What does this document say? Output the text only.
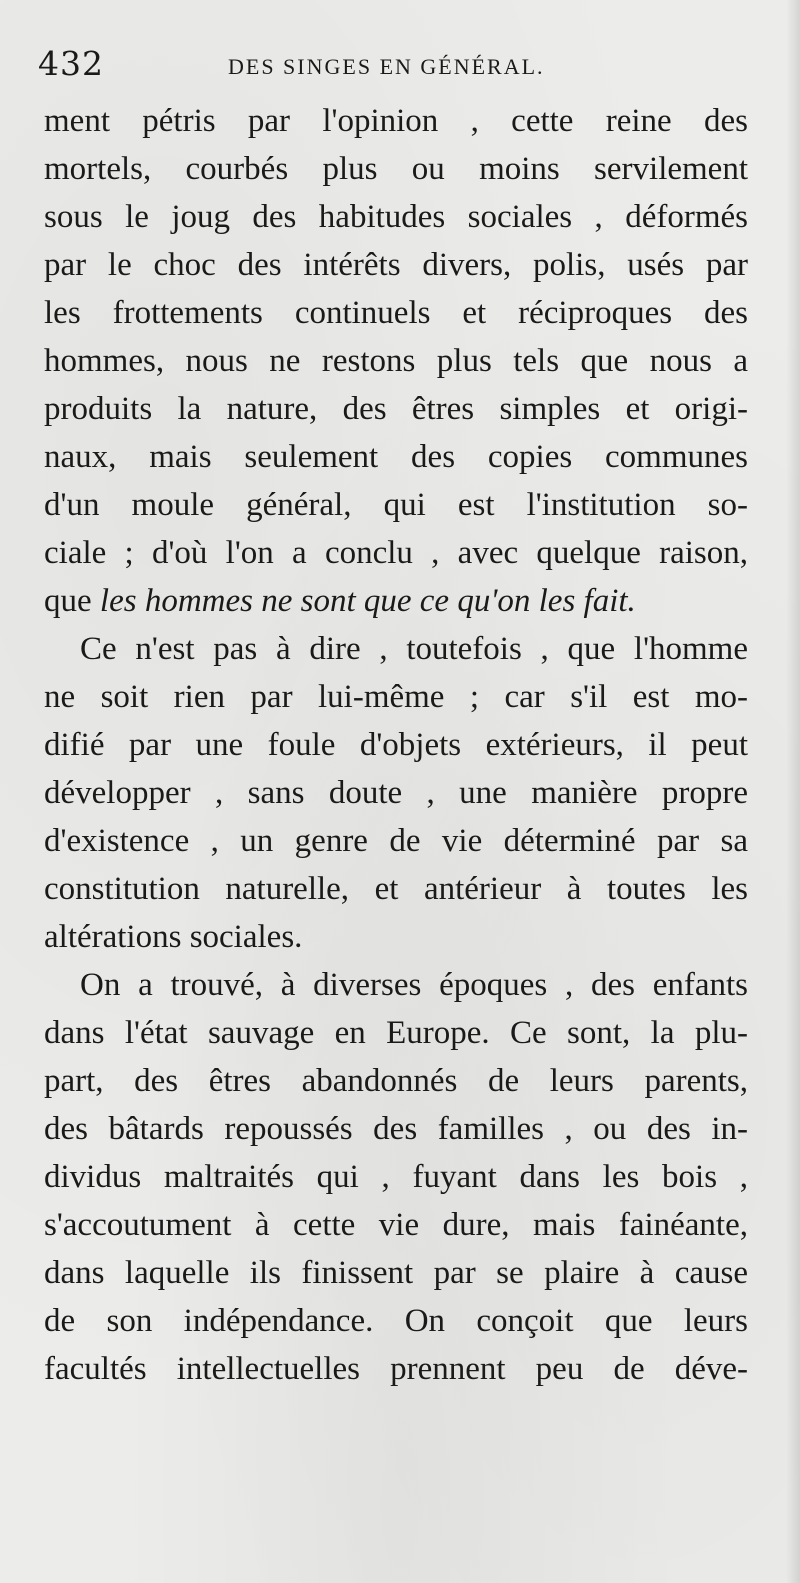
432	DES SINGES EN GÉNÉRAL.
ment pétris par l'opinion , cette reine des
mortels, courbés plus ou moins servilement
sous le joug des habitudes sociales , déformés
par le choc des intérêts divers, polis, usés par
les frottements continuels et réciproques des
hommes, nous ne restons plus tels que nous a
produits la nature, des êtres simples et origi-
naux, mais seulement des copies communes
d'un moule général, qui est l'institution so-
ciale ; d'où l'on a conclu , avec quelque raison,
que les hommes ne sont que ce qu'on les fait.
Ce n'est pas à dire , toutefois , que l'homme
ne soit rien par lui-même ; car s'il est mo-
difié par une foule d'objets extérieurs, il peut
développer , sans doute , une manière propre
d'existence , un genre de vie déterminé par sa
constitution naturelle, et antérieur à toutes les
altérations sociales.
On a trouvé, à diverses époques , des enfants
dans l'état sauvage en Europe. Ce sont, la plu-
part, des êtres abandonnés de leurs parents,
des bâtards repoussés des familles , ou des in-
dividus maltraités qui , fuyant dans les bois ,
s'accoutument à cette vie dure, mais fainéante,
dans laquelle ils finissent par se plaire à cause
de son indépendance. On conçoit que leurs
facultés intellectuelles prennent peu de déve-
